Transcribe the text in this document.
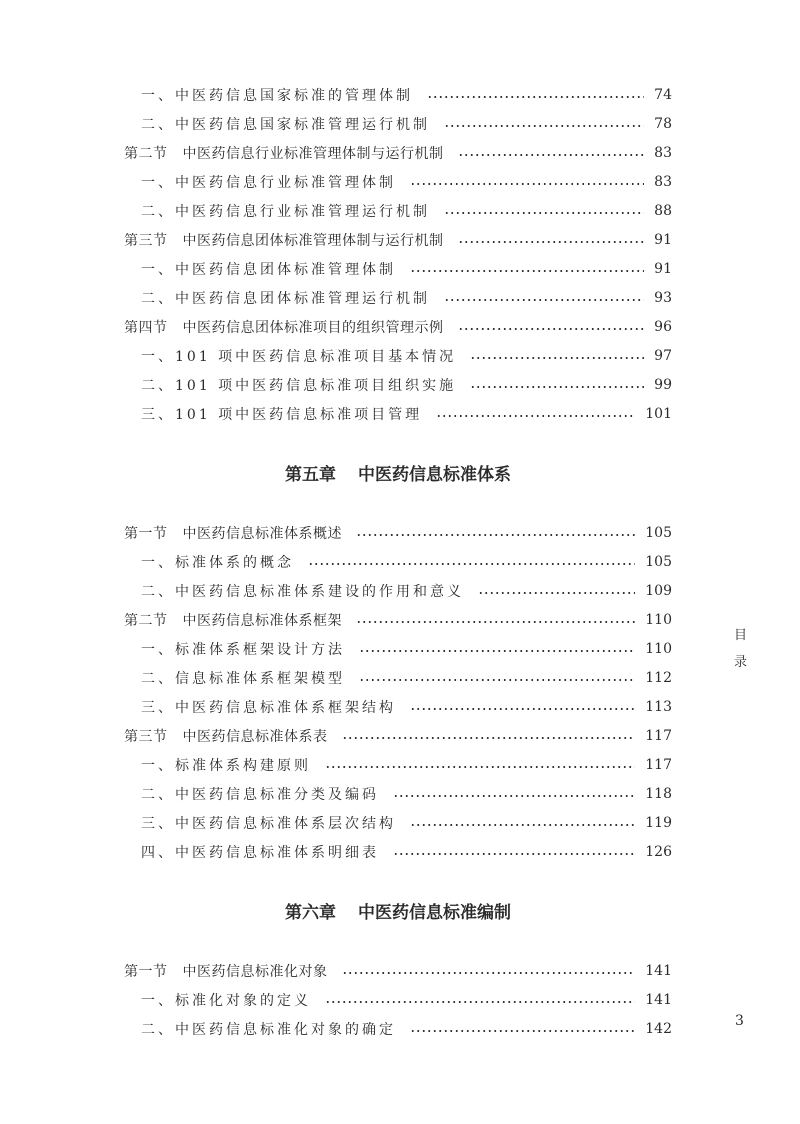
一、中医药信息国家标准的管理体制	74
二、中医药信息国家标准管理运行机制	78
第二节 中医药信息行业标准管理体制与运行机制	83
一、中医药信息行业标准管理体制	83
二、中医药信息行业标准管理运行机制	88
第三节 中医药信息团体标准管理体制与运行机制	91
一、中医药信息团体标准管理体制	91
二、中医药信息团体标准管理运行机制	93
第四节 中医药信息团体标准项目的组织管理示例	96
一、101 项中医药信息标准项目基本情况	97
二、101 项中医药信息标准项目组织实施	99
三、101 项中医药信息标准项目管理	101
第五章 中医药信息标准体系
第一节 中医药信息标准体系概述	105
一、标准体系的概念	105
二、中医药信息标准体系建设的作用和意义	109
第二节 中医药信息标准体系框架	110
一、标准体系框架设计方法	110
二、信息标准体系框架模型	112
三、中医药信息标准体系框架结构	113
第三节 中医药信息标准体系表	117
一、标准体系构建原则	117
二、中医药信息标准分类及编码	118
三、中医药信息标准体系层次结构	119
四、中医药信息标准体系明细表	126
第六章 中医药信息标准编制
第一节 中医药信息标准化对象	141
一、标准化对象的定义	141
二、中医药信息标准化对象的确定	142
目
录
3
